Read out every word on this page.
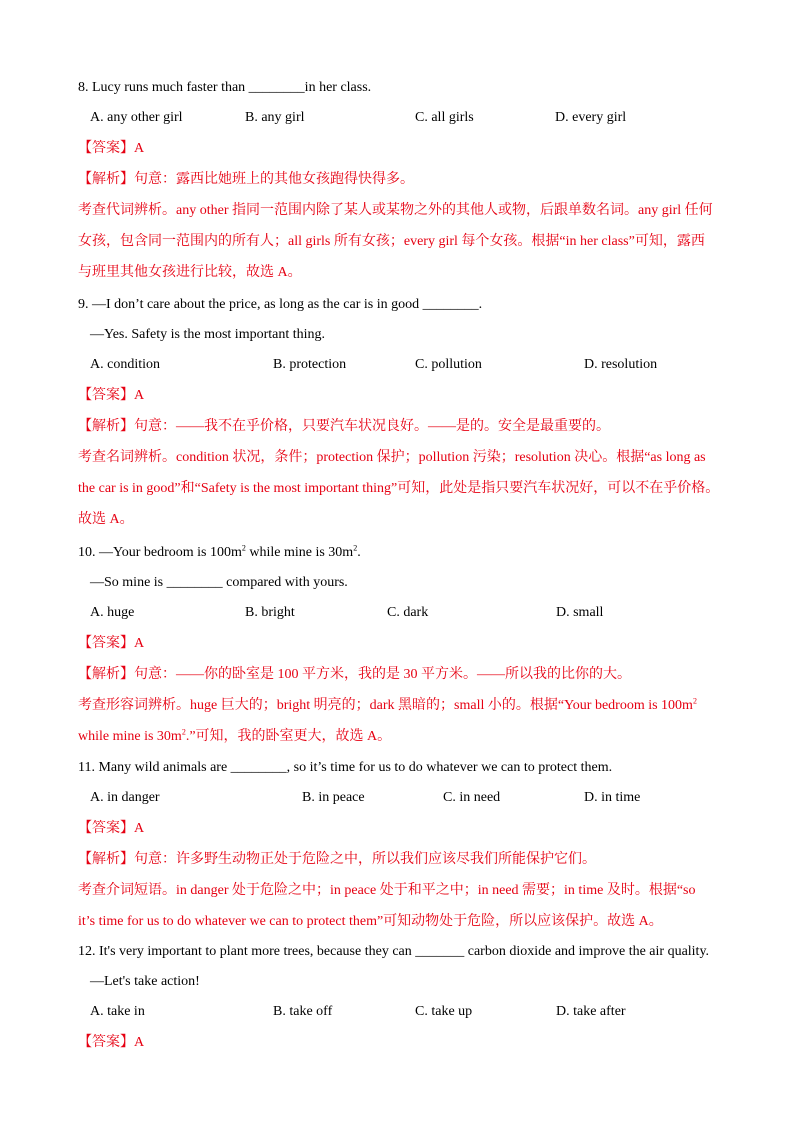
8. Lucy runs much faster than ________in her class.
A. any other girl	B. any girl	C. all girls	D. every girl
【答案】A
【解析】句意：露西比她班上的其他女孩跑得快得多。
考查代词辨析。any other 指同一范围内除了某人或某物之外的其他人或物，后跟单数名词。any girl 任何
女孩，包含同一范围内的所有人；all girls 所有女孩；every girl 每个女孩。根据“in her class”可知，露西
与班里其他女孩进行比较，故选 A。
9. —I don’t care about the price, as long as the car is in good ________.
—Yes. Safety is the most important thing.
A. condition	B. protection	C. pollution	D. resolution
【答案】A
【解析】句意：——我不在乎价格，只要汽车状况良好。——是的。安全是最重要的。
考查名词辨析。condition 状况，条件；protection 保护；pollution 污染；resolution 决心。根据“as long as
the car is in good”和“Safety is the most important thing”可知，此处是指只要汽车状况好，可以不在乎价格。
故选 A。
10. —Your bedroom is $100m^2$ while mine is $30m^2$.
—So mine is ________ compared with yours.
A. huge	B. bright	C. dark	D. small
【答案】A
【解析】句意：——你的卧室是 100 平方米，我的是 30 平方米。——所以我的比你的大。
考查形容词辨析。huge 巨大的；bright 明亮的；dark 黑暗的；small 小的。根据“Your bedroom is $100m^2$
while mine is $30m^2$.”可知，我的卧室更大，故选 A。
11. Many wild animals are ________, so it’s time for us to do whatever we can to protect them.
A. in danger	B. in peace	C. in need	D. in time
【答案】A
【解析】句意：许多野生动物正处于危险之中，所以我们应该尽我们所能保护它们。
考查介词短语。in danger 处于危险之中；in peace 处于和平之中；in need 需要；in time 及时。根据“so
it’s time for us to do whatever we can to protect them”可知动物处于危险，所以应该保护。故选 A。
12. It's very important to plant more trees, because they can _______ carbon dioxide and improve the air quality.
—Let's take action!
A. take in	B. take off	C. take up	D. take after
【答案】A
